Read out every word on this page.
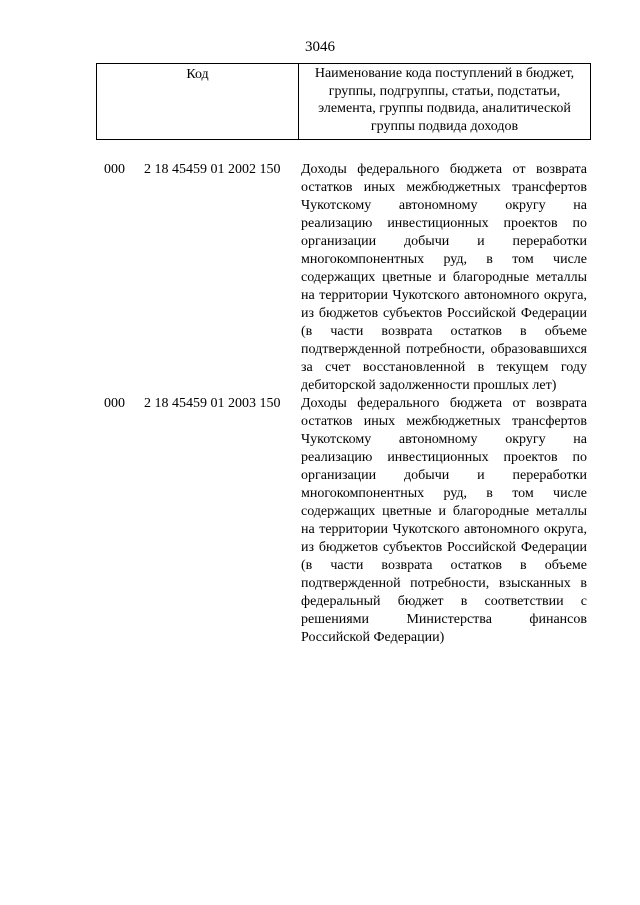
3046
Код	Наименование кода поступлений в бюджет, группы, подгруппы, статьи, подстатьи, элемента, группы подвида, аналитической группы подвида доходов
000 2 18 45459 01 2002 150 Доходы федерального бюджета от возврата остатков иных межбюджетных трансфертов Чукотскому автономному округу на реализацию инвестиционных проектов по организации добычи и переработки многокомпонентных руд, в том числе содержащих цветные и благородные металлы на территории Чукотского автономного округа, из бюджетов субъектов Российской Федерации (в части возврата остатков в объеме подтвержденной потребности, образовавшихся за счет восстановленной в текущем году дебиторской задолженности прошлых лет)
000 2 18 45459 01 2003 150 Доходы федерального бюджета от возврата остатков иных межбюджетных трансфертов Чукотскому автономному округу на реализацию инвестиционных проектов по организации добычи и переработки многокомпонентных руд, в том числе содержащих цветные и благородные металлы на территории Чукотского автономного округа, из бюджетов субъектов Российской Федерации (в части возврата остатков в объеме подтвержденной потребности, взысканных в федеральный бюджет в соответствии с решениями Министерства финансов Российской Федерации)
